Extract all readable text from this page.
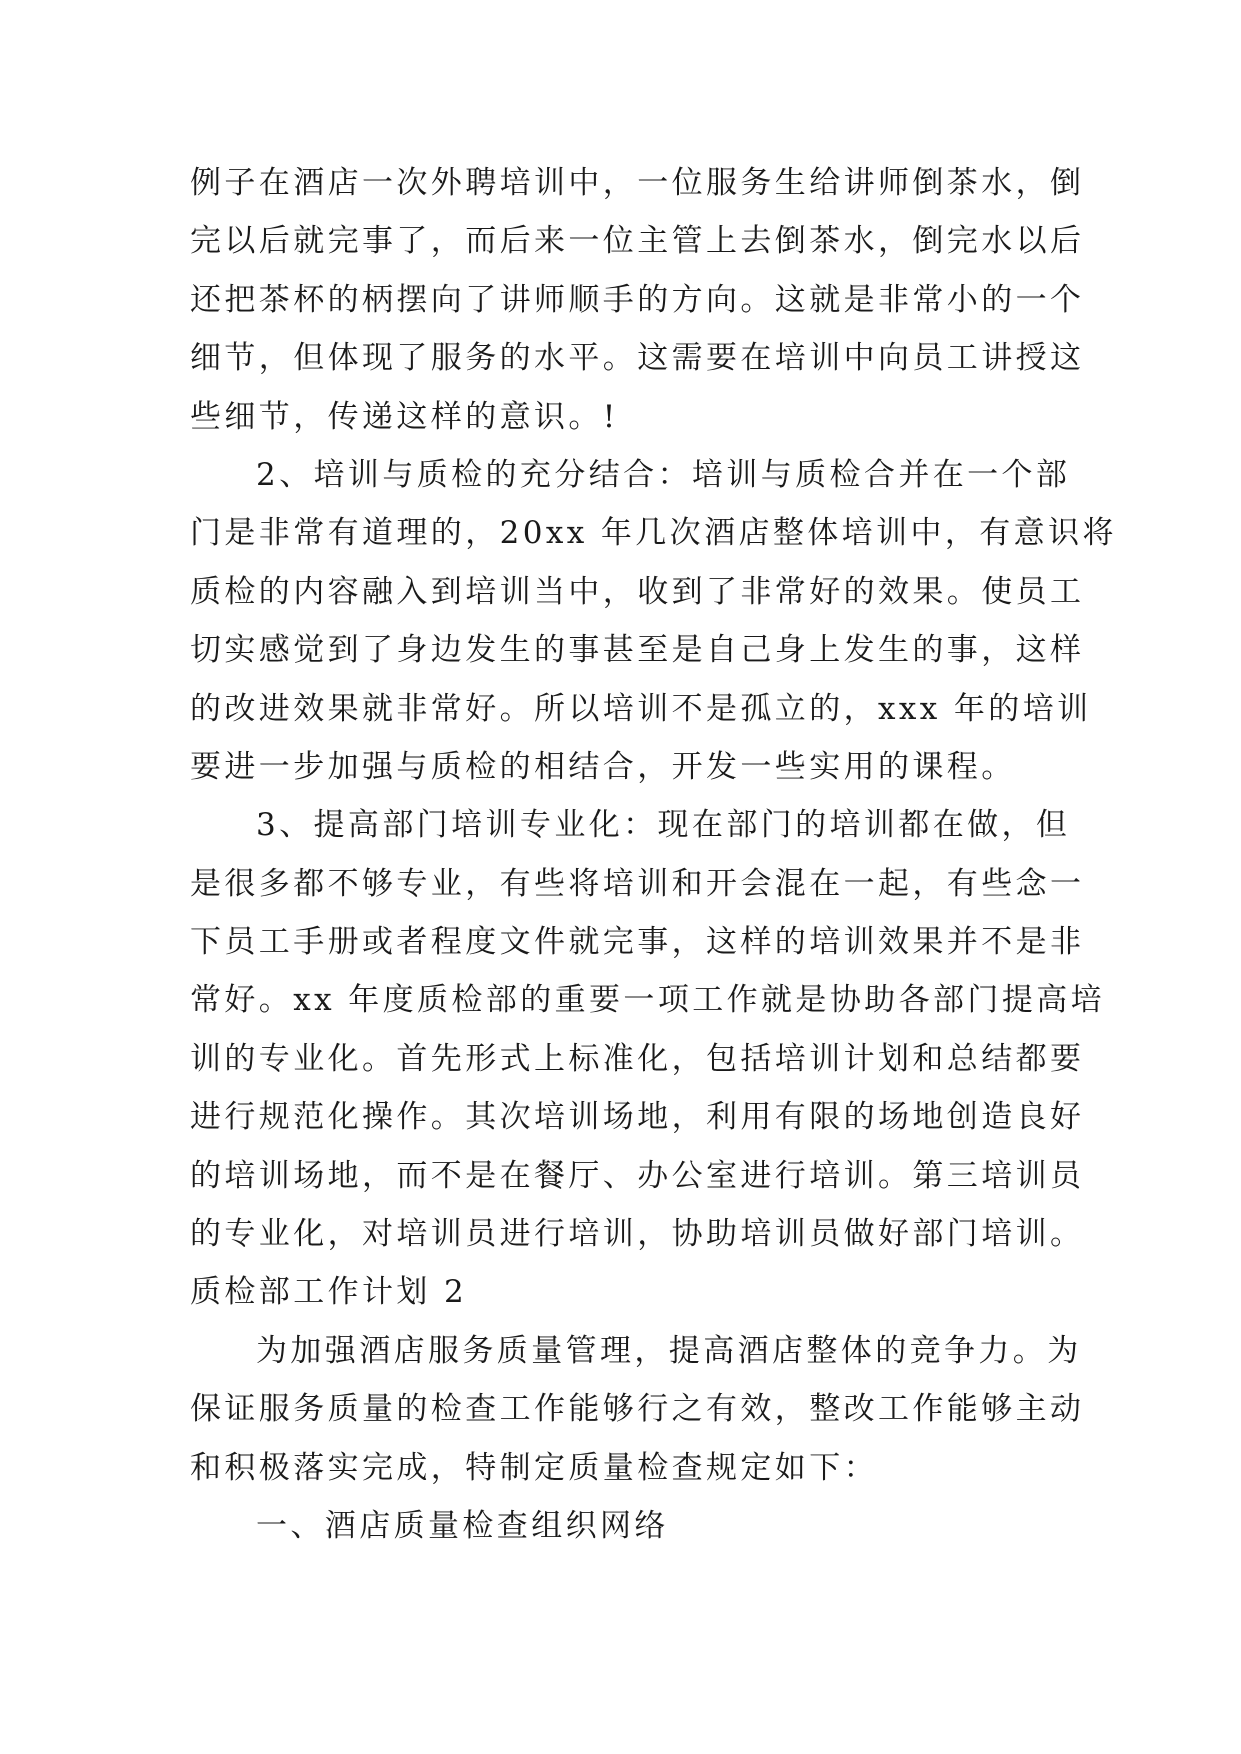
例子在酒店一次外聘培训中，一位服务生给讲师倒茶水，倒
完以后就完事了，而后来一位主管上去倒茶水，倒完水以后
还把茶杯的柄摆向了讲师顺手的方向。这就是非常小的一个
细节，但体现了服务的水平。这需要在培训中向员工讲授这
些细节，传递这样的意识。!
2、培训与质检的充分结合：培训与质检合并在一个部
门是非常有道理的，20xx 年几次酒店整体培训中，有意识将
质检的内容融入到培训当中，收到了非常好的效果。使员工
切实感觉到了身边发生的事甚至是自己身上发生的事，这样
的改进效果就非常好。所以培训不是孤立的，xxx 年的培训
要进一步加强与质检的相结合，开发一些实用的课程。
3、提高部门培训专业化：现在部门的培训都在做，但
是很多都不够专业，有些将培训和开会混在一起，有些念一
下员工手册或者程度文件就完事，这样的培训效果并不是非
常好。xx 年度质检部的重要一项工作就是协助各部门提高培
训的专业化。首先形式上标准化，包括培训计划和总结都要
进行规范化操作。其次培训场地，利用有限的场地创造良好
的培训场地，而不是在餐厅、办公室进行培训。第三培训员
的专业化，对培训员进行培训，协助培训员做好部门培训。
质检部工作计划 2
为加强酒店服务质量管理，提高酒店整体的竞争力。为
保证服务质量的检查工作能够行之有效，整改工作能够主动
和积极落实完成，特制定质量检查规定如下：
一、酒店质量检查组织网络
